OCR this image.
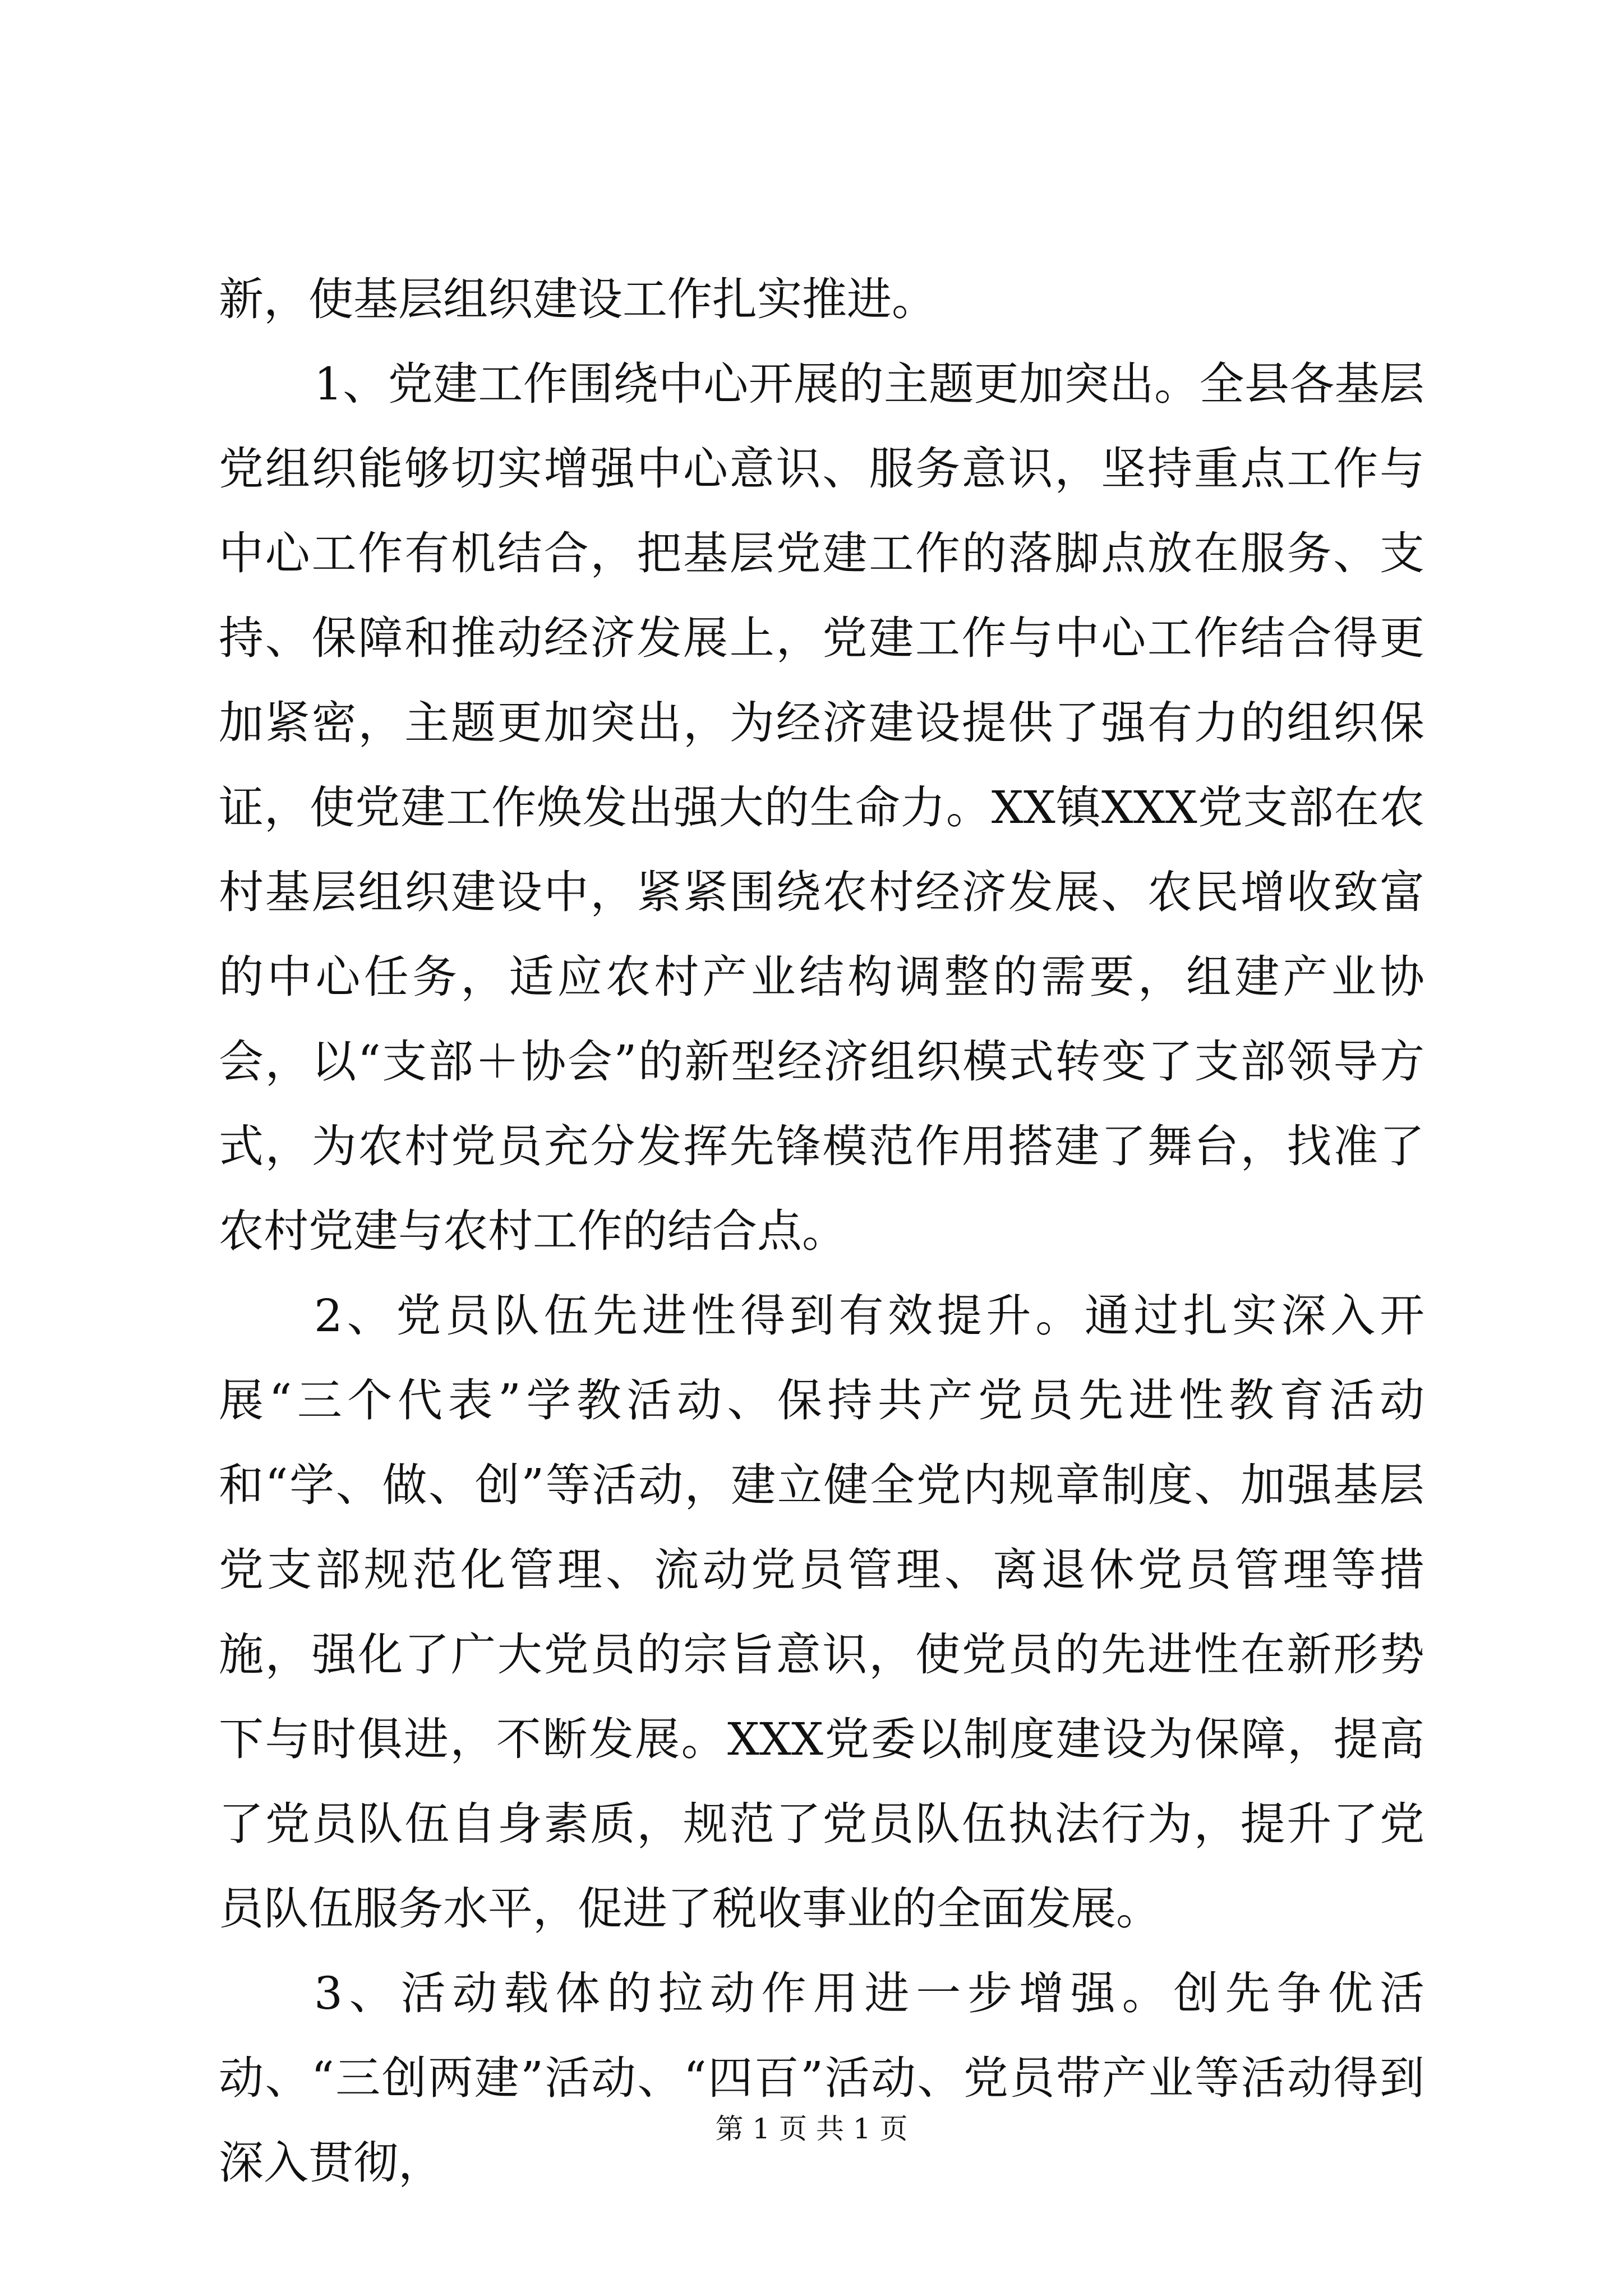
新，使基层组织建设工作扎实推进。

1、党建工作围绕中心开展的主题更加突出。全县各基层党组织能够切实增强中心意识、服务意识，坚持重点工作与中心工作有机结合，把基层党建工作的落脚点放在服务、支持、保障和推动经济发展上，党建工作与中心工作结合得更加紧密，主题更加突出，为经济建设提供了强有力的组织保证，使党建工作焕发出强大的生命力。XX镇XXX党支部在农村基层组织建设中，紧紧围绕农村经济发展、农民增收致富的中心任务，适应农村产业结构调整的需要，组建产业协会，以“支部＋协会”的新型经济组织模式转变了支部领导方式，为农村党员充分发挥先锋模范作用搭建了舞台，找准了农村党建与农村工作的结合点。

2、党员队伍先进性得到有效提升。通过扎实深入开展“三个代表”学教活动、保持共产党员先进性教育活动和“学、做、创”等活动，建立健全党内规章制度、加强基层党支部规范化管理、流动党员管理、离退休党员管理等措施，强化了广大党员的宗旨意识，使党员的先进性在新形势下与时俱进，不断发展。XXX党委以制度建设为保障，提高了党员队伍自身素质，规范了党员队伍执法行为，提升了党员队伍服务水平，促进了税收事业的全面发展。

3、活动载体的拉动作用进一步增强。创先争优活动、“三创两建”活动、“四百”活动、党员带产业等活动得到深入贯彻，

第 1 页 共 1 页
